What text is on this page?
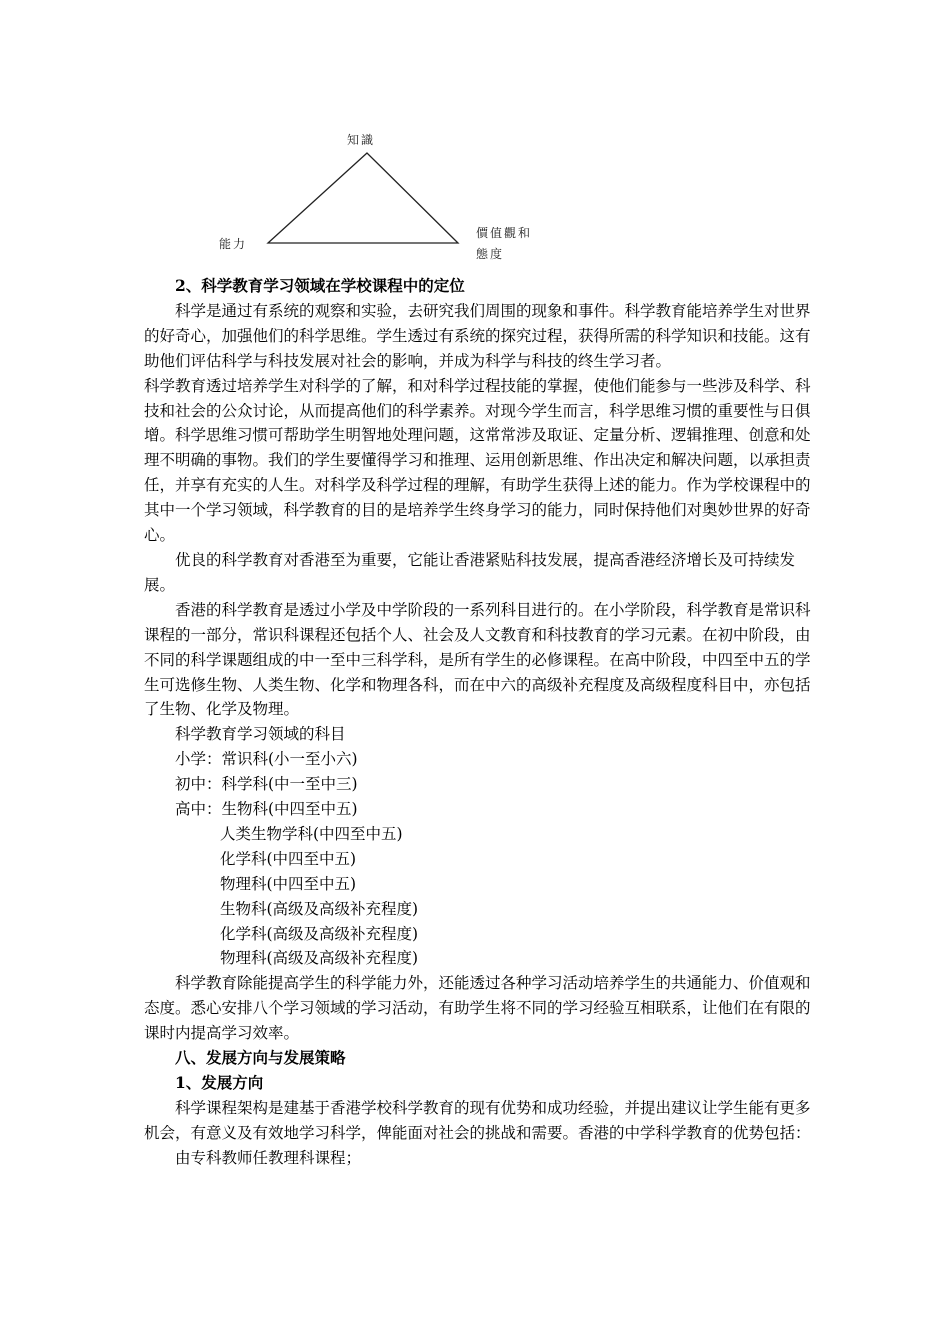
知識
能力
價值觀和
態度

2、科学教育学习领域在学校课程中的定位

科学是通过有系统的观察和实验，去研究我们周围的现象和事件。科学教育能培养学生对世界的好奇心，加强他们的科学思维。学生透过有系统的探究过程，获得所需的科学知识和技能。这有助他们评估科学与科技发展对社会的影响，并成为科学与科技的终生学习者。

科学教育透过培养学生对科学的了解，和对科学过程技能的掌握，使他们能参与一些涉及科学、科技和社会的公众讨论，从而提高他们的科学素养。对现今学生而言，科学思维习惯的重要性与日俱增。科学思维习惯可帮助学生明智地处理问题，这常常涉及取证、定量分析、逻辑推理、创意和处理不明确的事物。我们的学生要懂得学习和推理、运用创新思维、作出决定和解决问题，以承担责任，并享有充实的人生。对科学及科学过程的理解，有助学生获得上述的能力。作为学校课程中的其中一个学习领域，科学教育的目的是培养学生终身学习的能力，同时保持他们对奥妙世界的好奇心。

优良的科学教育对香港至为重要，它能让香港紧贴科技发展，提高香港经济增长及可持续发展。

香港的科学教育是透过小学及中学阶段的一系列科目进行的。在小学阶段，科学教育是常识科课程的一部分，常识科课程还包括个人、社会及人文教育和科技教育的学习元素。在初中阶段，由不同的科学课题组成的中一至中三科学科，是所有学生的必修课程。在高中阶段，中四至中五的学生可选修生物、人类生物、化学和物理各科，而在中六的高级补充程度及高级程度科目中，亦包括了生物、化学及物理。

科学教育学习领域的科目

小学：常识科(小一至小六)

初中：科学科(中一至中三)

高中：生物科(中四至中五)

人类生物学科(中四至中五)

化学科(中四至中五)

物理科(中四至中五)

生物科(高级及高级补充程度)

化学科(高级及高级补充程度)

物理科(高级及高级补充程度)

科学教育除能提高学生的科学能力外，还能透过各种学习活动培养学生的共通能力、价值观和态度。悉心安排八个学习领域的学习活动，有助学生将不同的学习经验互相联系，让他们在有限的课时内提高学习效率。

八、发展方向与发展策略

1、发展方向

科学课程架构是建基于香港学校科学教育的现有优势和成功经验，并提出建议让学生能有更多机会，有意义及有效地学习科学，俾能面对社会的挑战和需要。香港的中学科学教育的优势包括：

由专科教师任教理科课程；
